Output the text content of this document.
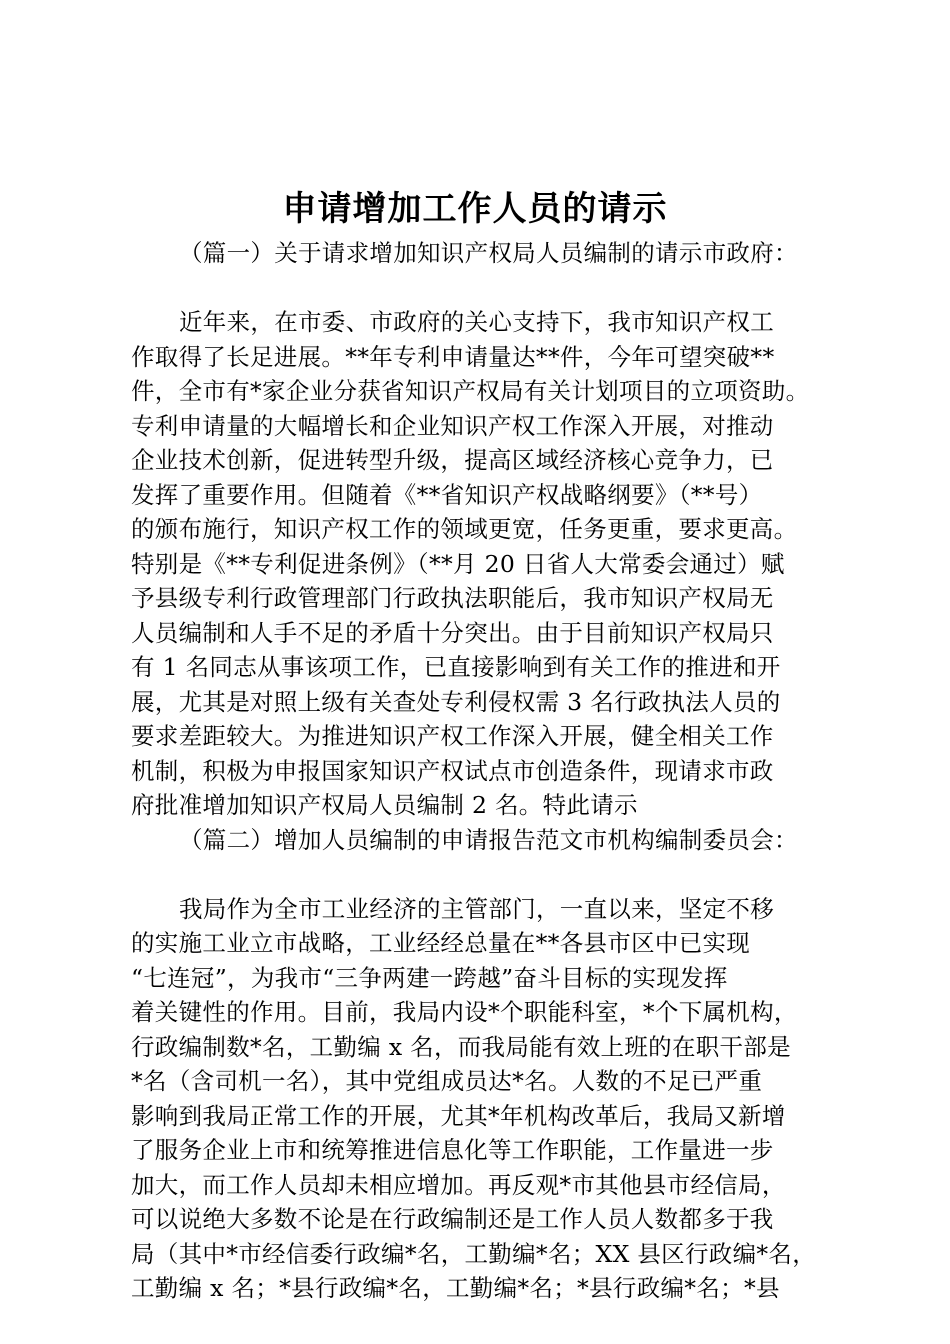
申请增加工作人员的请示
（篇一）关于请求增加知识产权局人员编制的请示市政府：
近年来，在市委、市政府的关心支持下，我市知识产权工
作取得了长足进展。**年专利申请量达**件，今年可望突破**
件，全市有*家企业分获省知识产权局有关计划项目的立项资助。
专利申请量的大幅增长和企业知识产权工作深入开展，对推动
企业技术创新，促进转型升级，提高区域经济核心竞争力，已
发挥了重要作用。但随着《**省知识产权战略纲要》（**号）
的颁布施行，知识产权工作的领域更宽，任务更重，要求更高。
特别是《**专利促进条例》（**月 20 日省人大常委会通过）赋
予县级专利行政管理部门行政执法职能后，我市知识产权局无
人员编制和人手不足的矛盾十分突出。由于目前知识产权局只
有 1 名同志从事该项工作，已直接影响到有关工作的推进和开
展，尤其是对照上级有关查处专利侵权需 3 名行政执法人员的
要求差距较大。为推进知识产权工作深入开展，健全相关工作
机制，积极为申报国家知识产权试点市创造条件，现请求市政
府批准增加知识产权局人员编制 2 名。特此请示
（篇二）增加人员编制的申请报告范文市机构编制委员会：
我局作为全市工业经济的主管部门，一直以来，坚定不移
的实施工业立市战略，工业经经总量在**各县市区中已实现
“七连冠”，为我市“三争两建一跨越”奋斗目标的实现发挥
着关键性的作用。目前，我局内设*个职能科室，*个下属机构，
行政编制数*名，工勤编 x 名，而我局能有效上班的在职干部是
*名（含司机一名），其中党组成员达*名。人数的不足已严重
影响到我局正常工作的开展，尤其*年机构改革后，我局又新增
了服务企业上市和统筹推进信息化等工作职能，工作量进一步
加大，而工作人员却未相应增加。再反观*市其他县市经信局，
可以说绝大多数不论是在行政编制还是工作人员人数都多于我
局（其中*市经信委行政编*名，工勤编*名；XX 县区行政编*名，
工勤编 x 名；*县行政编*名，工勤编*名；*县行政编*名；*县
